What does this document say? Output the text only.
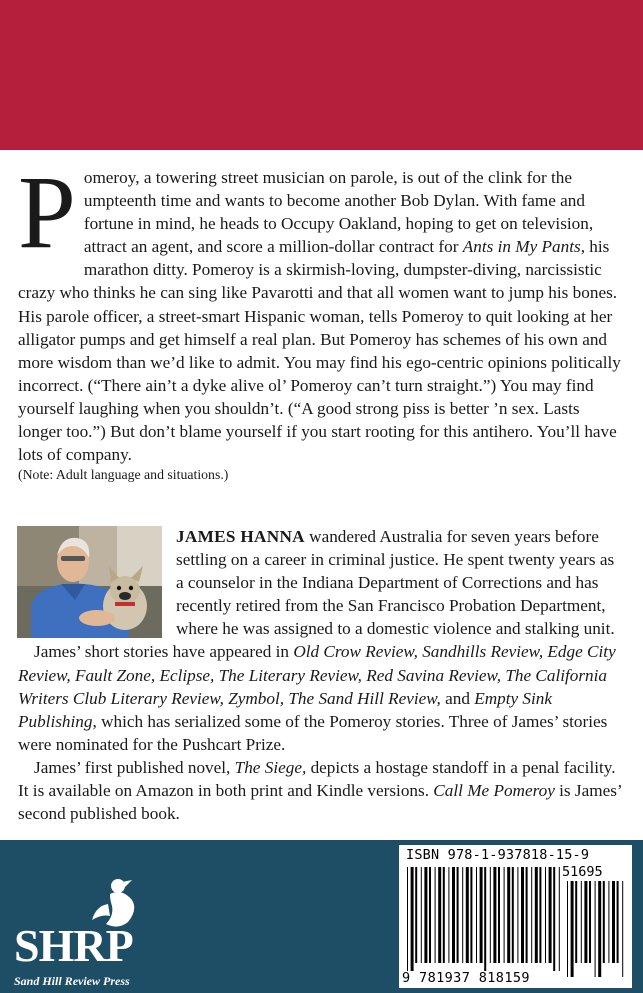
Pomeroy, a towering street musician on parole, is out of the clink for the umpteenth time and wants to become another Bob Dylan. With fame and fortune in mind, he heads to Occupy Oakland, hoping to get on television, attract an agent, and score a million-dollar contract for Ants in My Pants, his marathon ditty. Pomeroy is a skirmish-loving, dumpster-diving, narcissistic crazy who thinks he can sing like Pavarotti and that all women want to jump his bones. His parole officer, a street-smart Hispanic woman, tells Pomeroy to quit looking at her alligator pumps and get himself a real plan. But Pomeroy has schemes of his own and more wisdom than we’d like to admit. You may find his ego-centric opinions politically incorrect. (“There ain’t a dyke alive ol’ Pomeroy can’t turn straight.”) You may find yourself laughing when you shouldn’t. (“A good strong piss is better ’n sex. Lasts longer too.”) But don’t blame yourself if you start rooting for this antihero. You’ll have lots of company.

(Note: Adult language and situations.)

JAMES HANNA wandered Australia for seven years before settling on a career in criminal justice. He spent twenty years as a counselor in the Indiana Department of Corrections and has recently retired from the San Francisco Probation Department, where he was assigned to a domestic violence and stalking unit.

James’ short stories have appeared in Old Crow Review, Sandhills Review, Edge City Review, Fault Zone, Eclipse, The Literary Review, Red Savina Review, The California Writers Club Literary Review, Zymbol, The Sand Hill Review, and Empty Sink Publishing, which has serialized some of the Pomeroy stories. Three of James’ stories were nominated for the Pushcart Prize.

James’ first published novel, The Siege, depicts a hostage standoff in a penal facility. It is available on Amazon in both print and Kindle versions. Call Me Pomeroy is James’ second published book.

SHRP
Sand Hill Review Press
ISBN 978-1-937818-15-9
51695
9 781937 818159
